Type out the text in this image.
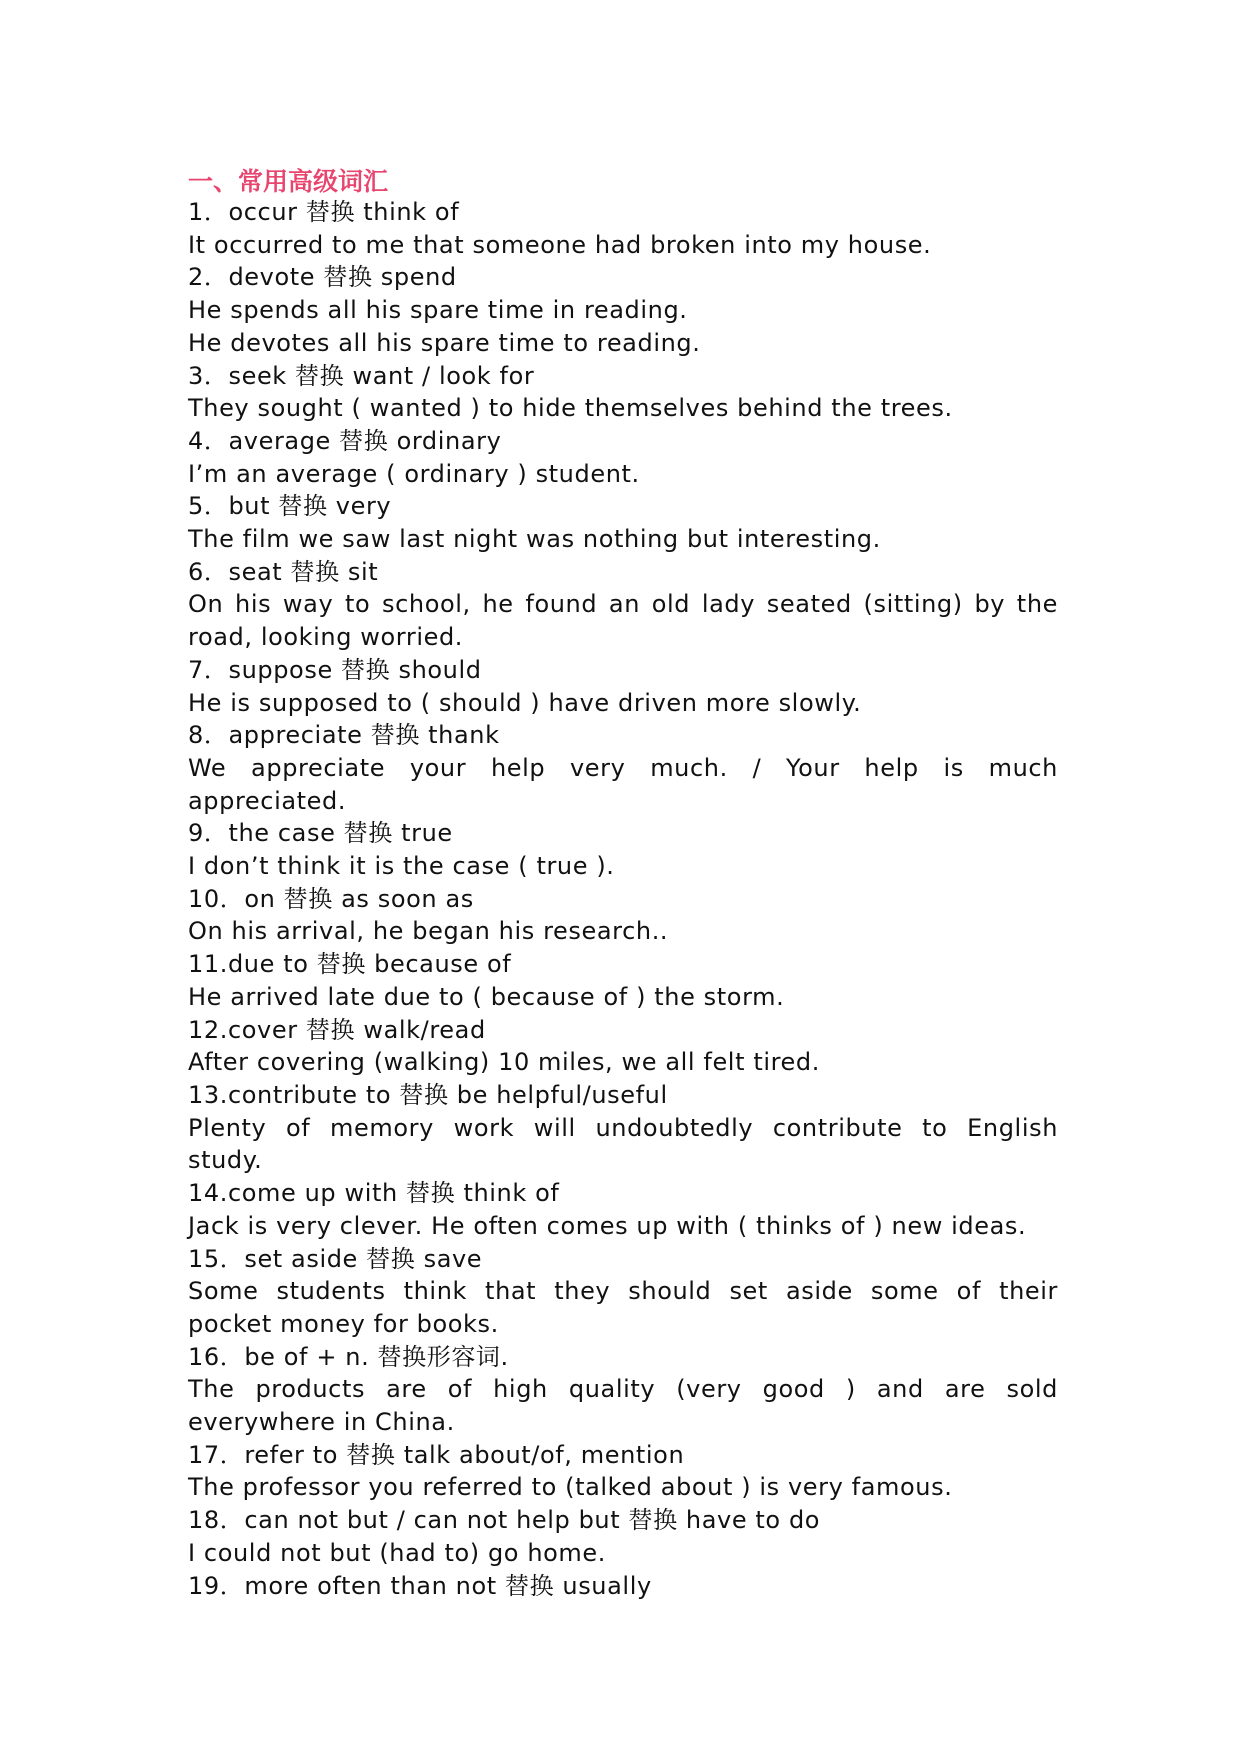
一、常用高级词汇
1．occur 替换 think of
It occurred to me that someone had broken into my house.
2．devote 替换 spend
He spends all his spare time in reading.
He devotes all his spare time to reading.
3．seek 替换 want / look for
They sought ( wanted ) to hide themselves behind the trees.
4．average 替换 ordinary
I’m an average ( ordinary ) student.
5．but 替换 very
The film we saw last night was nothing but interesting.
6．seat 替换 sit
On his way to school, he found an old lady seated (sitting) by the
road, looking worried.
7．suppose 替换 should
He is supposed to ( should ) have driven more slowly.
8．appreciate 替换 thank
We appreciate your help very much. / Your help is much
appreciated.
9．the case 替换 true
I don’t think it is the case ( true ).
10．on 替换 as soon as
On his arrival, he began his research..
11.due to 替换 because of
He arrived late due to ( because of ) the storm.
12.cover 替换 walk/read
After covering (walking) 10 miles, we all felt tired.
13.contribute to 替换 be helpful/useful
Plenty of memory work will undoubtedly contribute to English
study.
14.come up with 替换 think of
Jack is very clever. He often comes up with ( thinks of ) new ideas.
15．set aside 替换 save
Some students think that they should set aside some of their
pocket money for books.
16．be of + n. 替换形容词.
The products are of high quality (very good ) and are sold
everywhere in China.
17．refer to 替换 talk about/of, mention
The professor you referred to (talked about ) is very famous.
18．can not but / can not help but 替换 have to do
I could not but (had to) go home.
19．more often than not 替换 usually
